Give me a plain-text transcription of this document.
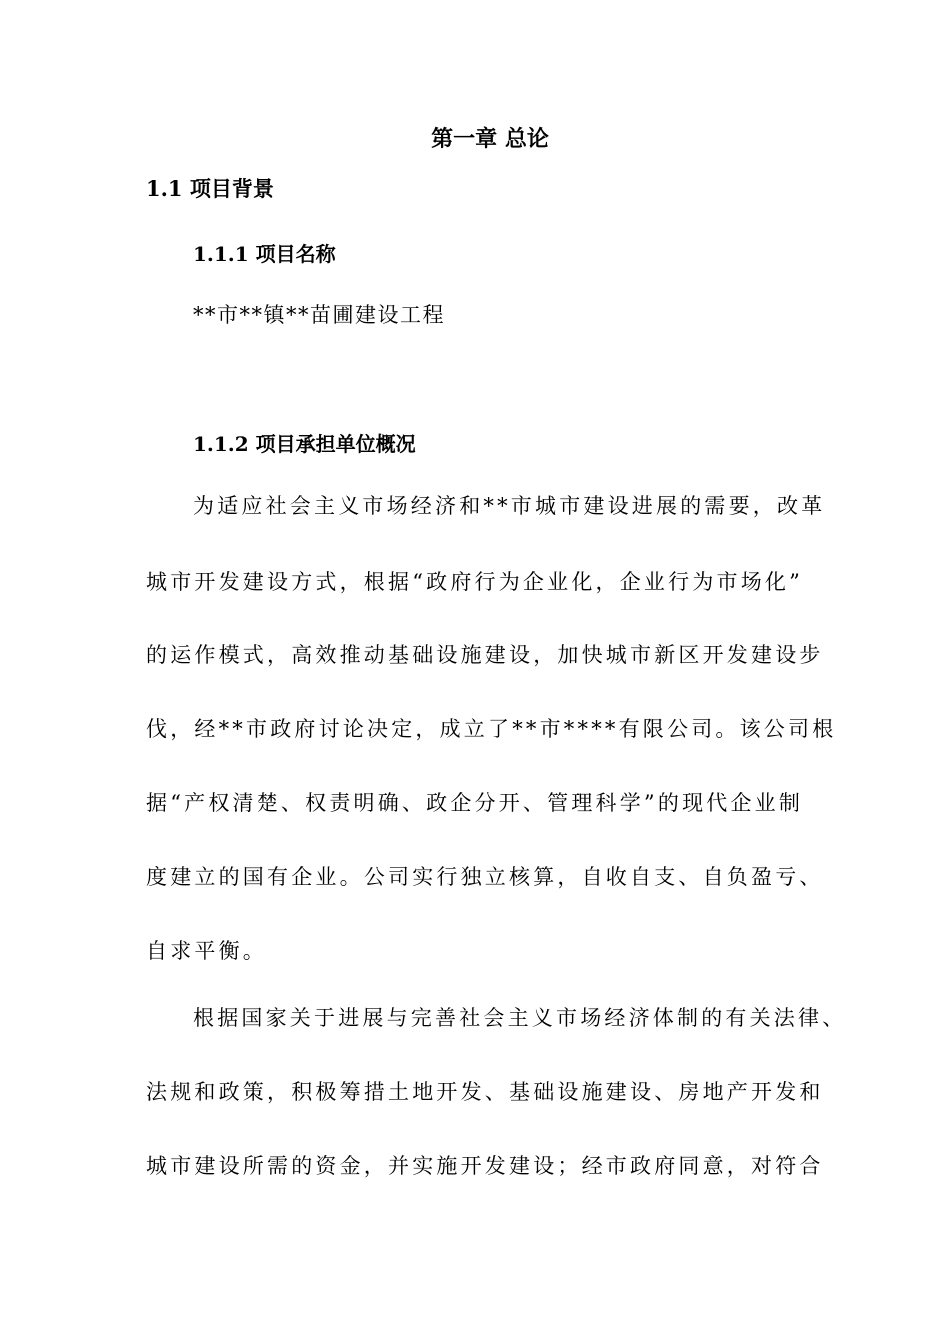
第一章 总论
1.1 项目背景
1.1.1 项目名称

**市**镇**苗圃建设工程

1.1.2 项目承担单位概况

为适应社会主义市场经济和**市城市建设进展的需要，改革

城市开发建设方式，根据“政府行为企业化，企业行为市场化”

的运作模式，高效推动基础设施建设，加快城市新区开发建设步

伐，经**市政府讨论决定，成立了**市****有限公司。该公司根

据“产权清楚、权责明确、政企分开、管理科学”的现代企业制

度建立的国有企业。公司实行独立核算，自收自支、自负盈亏、

自求平衡。

根据国家关于进展与完善社会主义市场经济体制的有关法律、

法规和政策，积极筹措土地开发、基础设施建设、房地产开发和

城市建设所需的资金，并实施开发建设；经市政府同意，对符合
